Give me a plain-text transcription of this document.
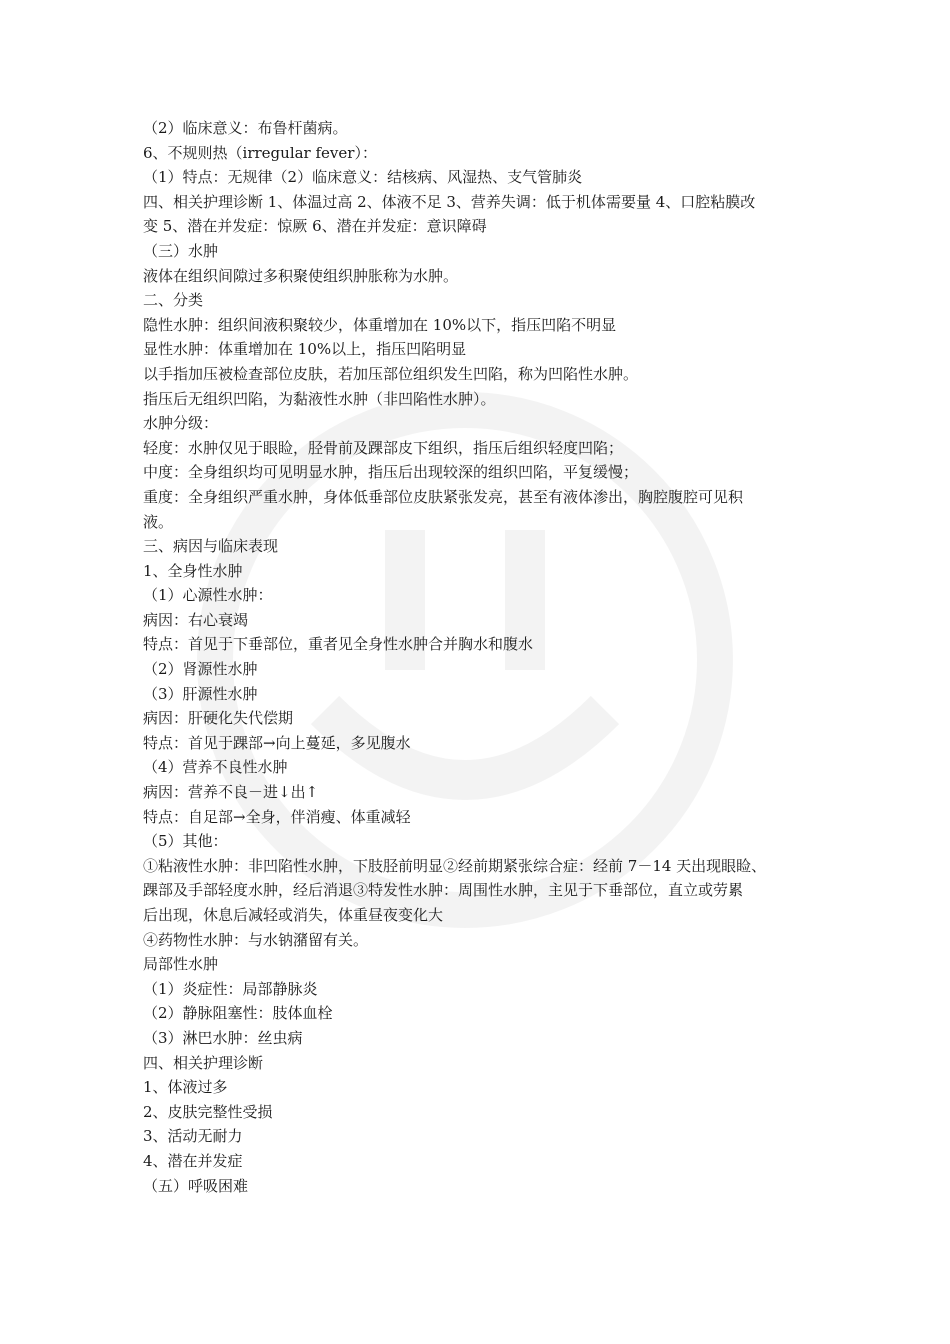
（2）临床意义：布鲁杆菌病。
6、不规则热（irregular fever）：
（1）特点：无规律（2）临床意义：结核病、风湿热、支气管肺炎
四、相关护理诊断 1、体温过高 2、体液不足 3、营养失调：低于机体需要量 4、口腔粘膜改
变 5、潜在并发症：惊厥 6、潜在并发症：意识障碍
（三）水肿
液体在组织间隙过多积聚使组织肿胀称为水肿。
二、分类
隐性水肿：组织间液积聚较少，体重增加在 10%以下，指压凹陷不明显
显性水肿：体重增加在 10%以上，指压凹陷明显
以手指加压被检查部位皮肤，若加压部位组织发生凹陷，称为凹陷性水肿。
指压后无组织凹陷，为黏液性水肿（非凹陷性水肿）。
水肿分级：
轻度：水肿仅见于眼睑，胫骨前及踝部皮下组织，指压后组织轻度凹陷；
中度：全身组织均可见明显水肿，指压后出现较深的组织凹陷，平复缓慢；
重度：全身组织严重水肿，身体低垂部位皮肤紧张发亮，甚至有液体渗出，胸腔腹腔可见积
液。
三、病因与临床表现
1、全身性水肿
（1）心源性水肿：
病因：右心衰竭
特点：首见于下垂部位，重者见全身性水肿合并胸水和腹水
（2）肾源性水肿
（3）肝源性水肿
病因：肝硬化失代偿期
特点：首见于踝部→向上蔓延，多见腹水
（4）营养不良性水肿
病因：营养不良－进↓出↑
特点：自足部→全身，伴消瘦、体重减轻
（5）其他：
①粘液性水肿：非凹陷性水肿，下肢胫前明显②经前期紧张综合症：经前 7－14 天出现眼睑、
踝部及手部轻度水肿，经后消退③特发性水肿：周围性水肿，主见于下垂部位，直立或劳累
后出现，休息后减轻或消失，体重昼夜变化大
④药物性水肿：与水钠潴留有关。
局部性水肿
（1）炎症性：局部静脉炎
（2）静脉阻塞性：肢体血栓
（3）淋巴水肿：丝虫病
四、相关护理诊断
1、体液过多
2、皮肤完整性受损
3、活动无耐力
4、潜在并发症
（五）呼吸困难
